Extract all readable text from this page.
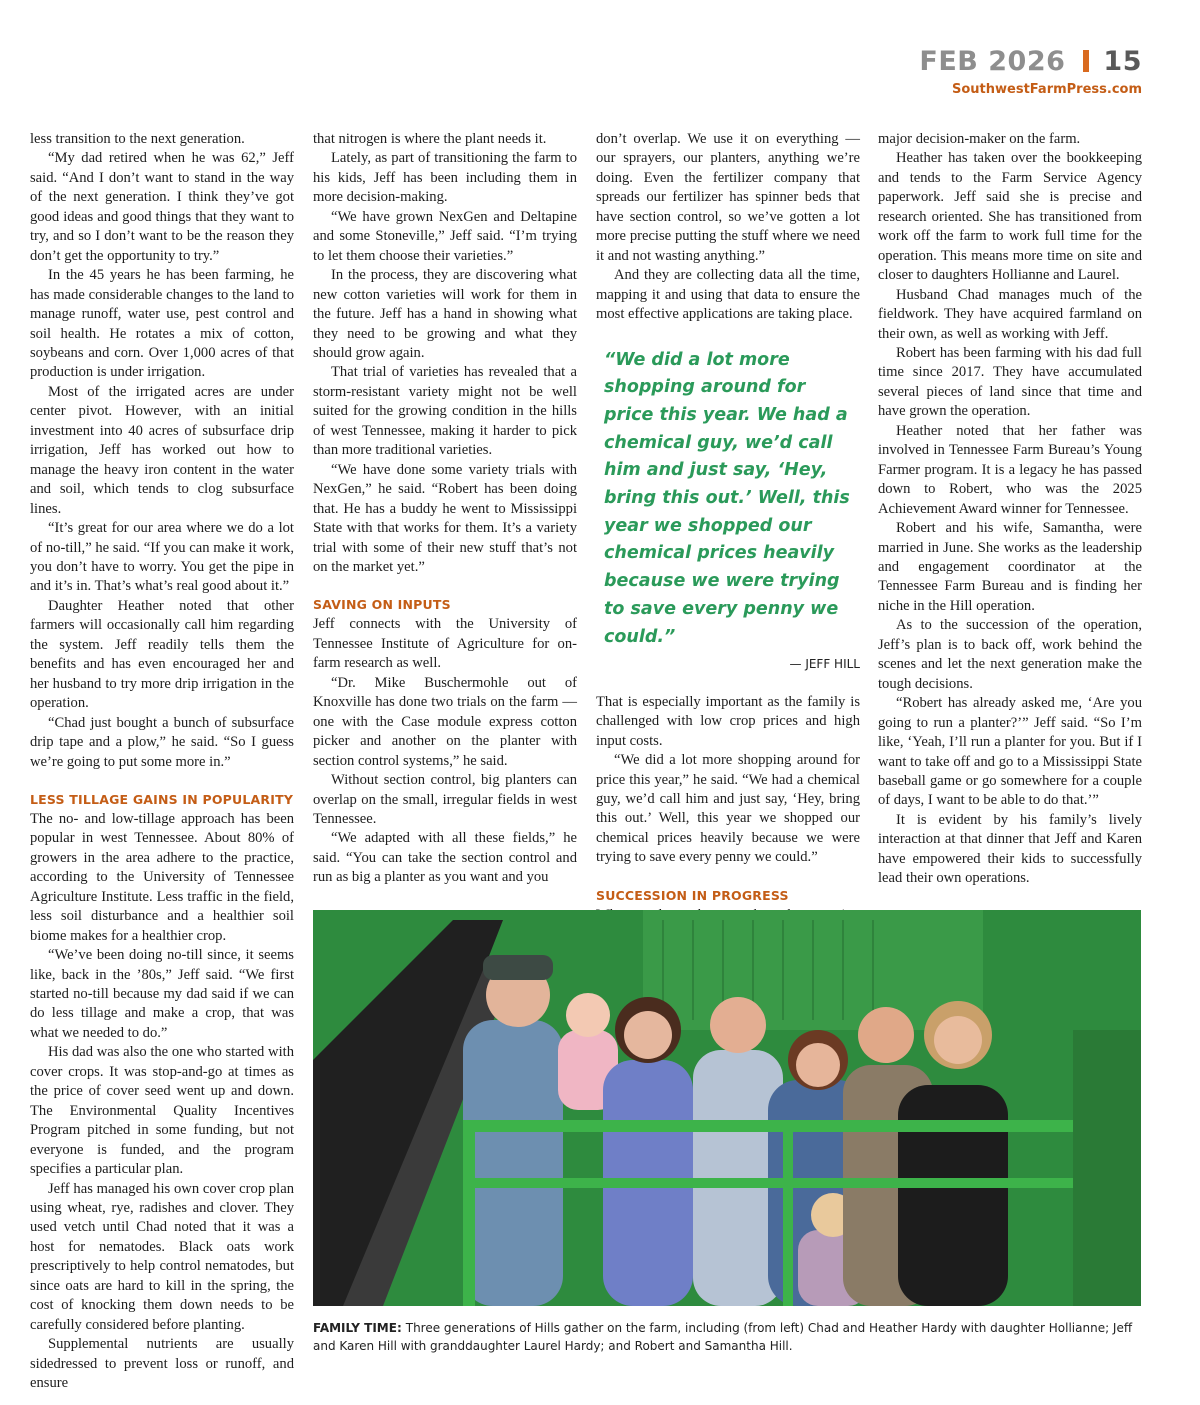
FEB 2026 15
SouthwestFarmPress.com

less transition to the next generation.

“My dad retired when he was 62,” Jeff said. “And I don’t want to stand in the way of the next generation. I think they’ve got good ideas and good things that they want to try, and so I don’t want to be the reason they don’t get the opportunity to try.”

In the 45 years he has been farming, he has made considerable changes to the land to manage runoff, water use, pest control and soil health. He rotates a mix of cotton, soybeans and corn. Over 1,000 acres of that production is under irrigation.

Most of the irrigated acres are under center pivot. However, with an initial investment into 40 acres of subsurface drip irrigation, Jeff has worked out how to manage the heavy iron content in the water and soil, which tends to clog subsurface lines.

“It’s great for our area where we do a lot of no-till,” he said. “If you can make it work, you don’t have to worry. You get the pipe in and it’s in. That’s what’s real good about it.”

Daughter Heather noted that other farmers will occasionally call him regarding the system. Jeff readily tells them the benefits and has even encouraged her and her husband to try more drip irrigation in the operation.

“Chad just bought a bunch of subsurface drip tape and a plow,” he said. “So I guess we’re going to put some more in.”

LESS TILLAGE GAINS IN POPULARITY

The no- and low-tillage approach has been popular in west Tennessee. About 80% of growers in the area adhere to the practice, according to the University of Tennessee Agriculture Institute. Less traffic in the field, less soil disturbance and a healthier soil biome makes for a healthier crop.

“We’ve been doing no-till since, it seems like, back in the ’80s,” Jeff said. “We first started no-till because my dad said if we can do less tillage and make a crop, that was what we needed to do.”

His dad was also the one who started with cover crops. It was stop-and-go at times as the price of cover seed went up and down. The Environmental Quality Incentives Program pitched in some funding, but not everyone is funded, and the program specifies a particular plan.

Jeff has managed his own cover crop plan using wheat, rye, radishes and clover. They used vetch until Chad noted that it was a host for nematodes. Black oats work prescriptively to help control nematodes, but since oats are hard to kill in the spring, the cost of knocking them down needs to be carefully considered before planting.

Supplemental nutrients are usually sidedressed to prevent loss or runoff, and ensure

that nitrogen is where the plant needs it.

Lately, as part of transitioning the farm to his kids, Jeff has been including them in more decision-making.

“We have grown NexGen and Deltapine and some Stoneville,” Jeff said. “I’m trying to let them choose their varieties.”

In the process, they are discovering what new cotton varieties will work for them in the future. Jeff has a hand in showing what they need to be growing and what they should grow again.

That trial of varieties has revealed that a storm-resistant variety might not be well suited for the growing condition in the hills of west Tennessee, making it harder to pick than more traditional varieties.

“We have done some variety trials with NexGen,” he said. “Robert has been doing that. He has a buddy he went to Mississippi State with that works for them. It’s a variety trial with some of their new stuff that’s not on the market yet.”

SAVING ON INPUTS

Jeff connects with the University of Tennessee Institute of Agriculture for on-farm research as well.

“Dr. Mike Buschermohle out of Knoxville has done two trials on the farm — one with the Case module express cotton picker and another on the planter with section control systems,” he said.

Without section control, big planters can overlap on the small, irregular fields in west Tennessee.

“We adapted with all these fields,” he said. “You can take the section control and run as big a planter as you want and you

don’t overlap. We use it on everything — our sprayers, our planters, anything we’re doing. Even the fertilizer company that spreads our fertilizer has spinner beds that have section control, so we’ve gotten a lot more precise putting the stuff where we need it and not wasting anything.”

And they are collecting data all the time, mapping it and using that data to ensure the most effective applications are taking place.

“We did a lot more shopping around for price this year. We had a chemical guy, we’d call him and just say, ‘Hey, bring this out.’ Well, this year we shopped our chemical prices heavily because we were trying to save every penny we could.”
— JEFF HILL

That is especially important as the family is challenged with low crop prices and high input costs.

“We did a lot more shopping around for price this year,” he said. “We had a chemical guy, we’d call him and just say, ‘Hey, bring this out.’ Well, this year we shopped our chemical prices heavily because we were trying to save every penny we could.”

SUCCESSION IN PROGRESS

major decision-maker on the farm.

Heather has taken over the bookkeeping and tends to the Farm Service Agency paperwork. Jeff said she is precise and research oriented. She has transitioned from work off the farm to work full time for the operation. This means more time on site and closer to daughters Hollianne and Laurel.

Husband Chad manages much of the fieldwork. They have acquired farmland on their own, as well as working with Jeff.

Robert has been farming with his dad full time since 2017. They have accumulated several pieces of land since that time and have grown the operation.

Heather noted that her father was involved in Tennessee Farm Bureau’s Young Farmer program. It is a legacy he has passed down to Robert, who was the 2025 Achievement Award winner for Tennessee.

Robert and his wife, Samantha, were married in June. She works as the leadership and engagement coordinator at the Tennessee Farm Bureau and is finding her niche in the Hill operation.

As to the succession of the operation, Jeff’s plan is to back off, work behind the scenes and let the next generation make the tough decisions.

“Robert has already asked me, ‘Are you going to run a planter?’” Jeff said. “So I’m like, ‘Yeah, I’ll run a planter for you. But if I want to take off and go to a Mississippi State baseball game or go somewhere for a couple of days, I want to be able to do that.’”

It is evident by his family’s lively interaction at that dinner that Jeff and Karen have empowered their kids to successfully lead their own operations.

FAMILY TIME: Three generations of Hills gather on the farm, including (from left) Chad and Heather Hardy with daughter Hollianne; Jeff and Karen Hill with granddaughter Laurel Hardy; and Robert and Samantha Hill.
